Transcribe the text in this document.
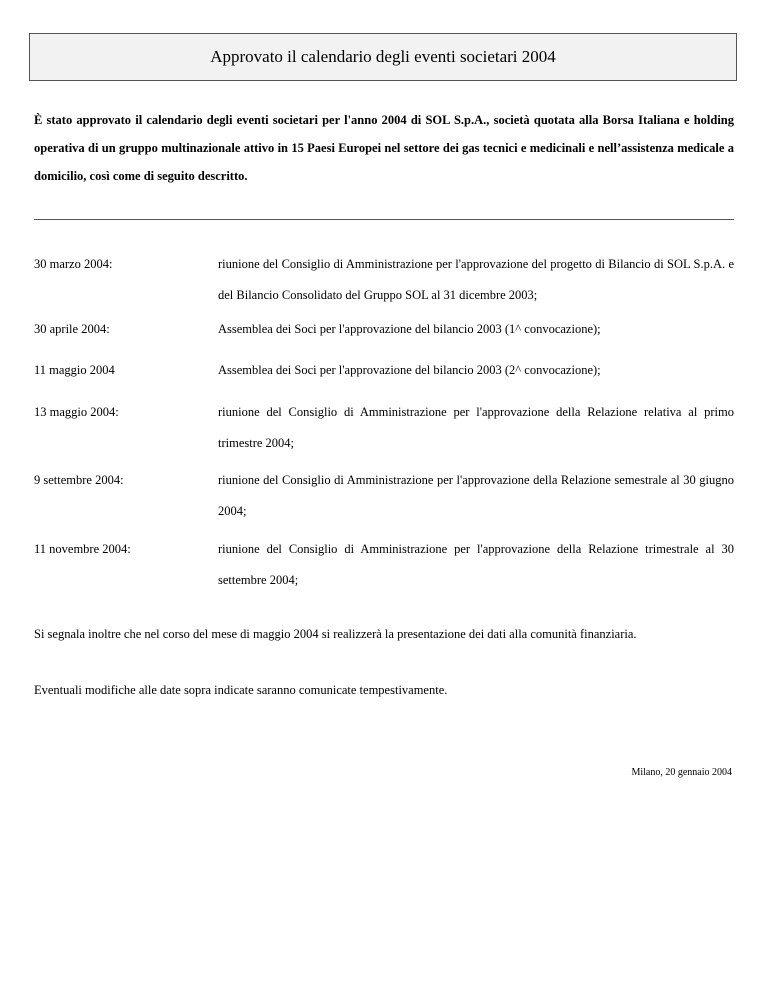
Approvato il calendario degli eventi societari 2004

È stato approvato il calendario degli eventi societari per l'anno 2004 di SOL S.p.A., società quotata alla Borsa Italiana e holding operativa di un gruppo multinazionale attivo in 15 Paesi Europei nel settore dei gas tecnici e medicinali e nell’assistenza medicale a domicilio, così come di seguito descritto.

30 marzo 2004:	riunione del Consiglio di Amministrazione per l'approvazione del progetto di Bilancio di SOL S.p.A. e del Bilancio Consolidato del Gruppo SOL al 31 dicembre 2003;
30 aprile 2004:	Assemblea dei Soci per l'approvazione del bilancio 2003 (1^ convocazione);
11 maggio 2004	Assemblea dei Soci per l'approvazione del bilancio 2003 (2^ convocazione);
13 maggio 2004:	riunione del Consiglio di Amministrazione per l'approvazione della Relazione relativa al primo trimestre 2004;
9 settembre 2004:	riunione del Consiglio di Amministrazione per l'approvazione della Relazione semestrale al 30 giugno 2004;
11 novembre 2004:	riunione del Consiglio di Amministrazione per l'approvazione della Relazione trimestrale al 30 settembre 2004;

Si segnala inoltre che nel corso del mese di maggio 2004 si realizzerà la presentazione dei dati alla comunità finanziaria.

Eventuali modifiche alle date sopra indicate saranno comunicate tempestivamente.

Milano, 20 gennaio 2004
